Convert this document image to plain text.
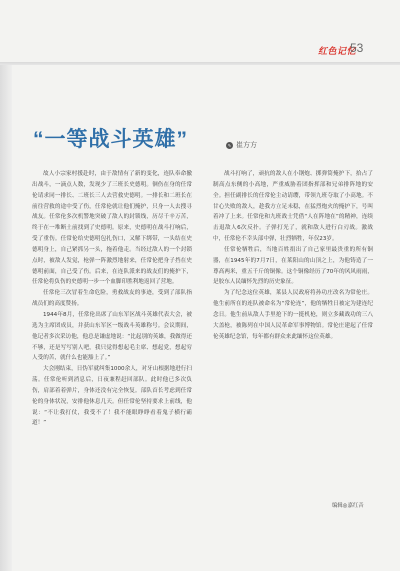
红色记忆
53
“一等战斗英雄”	✎ 崔方方

故人小宗家村援赴时，由于敌情有了新的变化，连队奉命撤出战斗，一滴点人数，发现少了三班长史德明。徊伤在身的任常伦请求同一排长、二班长三人去营救史德明。一排长和二班长在前往营救的途中受了伤，任常伦就让他们掩护，只身一人去搜寻战友。任常伦多次机警地突破了敌人的封锁线，历尽千辛万苦，终于在一堆断土前找到了史德明。原来，史德明在战斗打响后，受了重伤。任常伦给史德明包扎伤口，又解下绑带，一头结在史德明身上，自己紧抓另一头，拖着他走。当经过敌人的一个封锁点时，被敌人发觉，枪弹一阵激烈地射来，任常伦把身子挡在史德明前面，自己受了伤。后来，在连队派来的战友们的掩护下，任常伦将负伤的史德明一步一个血脚印胜利地返回了营地。

任常伦三次冒着生命危险，勇救战友的事迹，受到了部队指战员们的高度赞扬。

1944年8月，任常伦出席了山东军区战斗英雄代表大会，被选为主席团成员，并获山东军区一级战斗英雄称号。会议期间，他记者多次采访他，他总是谦虚地说：“比起别的英雄，我做得还不够，还是写写别人吧，我只觉得想起毛主席、想起党，想起穷人受的苦，就什么也能豁上了。”

大会刚结束，日伪军就纠集1000余人，对牙山根据地进行扫荡。任常伦听到消息后，日夜兼程赶回部队。此时他已多次负伤，肩部着着弹片，身体还没有完全恢复。部队首长考虑到任常伦的身体状况，安排他休息几天。但任常伦坚持要求上前线，他说：“不让我打仗，我受不了！我不能眼睁睁看着鬼子横行霸道！”

战斗打响了，顽抗的敌人在小钢炮、掷弹筒掩护下，拾占了制高点东侧的小高地，严重威胁着团指挥部和兄弟排阵地的安全。担任副排长的任常伦主动请缨，带领九班夺取了小高地。不甘心失败的敌人，趁我方立足未稳，在猛烈炮火的掩护下，号叫着冲了上来。任常伦和九班战士凭借“人在阵地在”的精神，连续击退敌人6次反扑。子弹打光了，就和敌人进行白刃战。激战中，任常伦不幸头部中弹，壮烈牺牲，年仅23岁。

任常伦牺牲后，当地百姓捐出了自己家里最贵重的所有铜器，在1945年的7月7日，在莱阳山的山顶之上，为他铸造了一尊高两米，重五千斤的铜像。这个铜像经历了70年的风风雨雨，是胶东人民缅怀先烈的历史象征。

为了纪念这位英雄，莱县人民政府将孙功庄改名为常伦庄。他生前所在的连队被命名为“常伦连”，他的牺牲日被定为建连纪念日。他生前从敌人手里抢下的一挺机枪，则立多藏战功的三八大盖枪，被陈列在中国人民革命军事博物馆。常伦庄建起了任常伦英雄纪念馆，每年都有群众来此缅怀这位英雄。

编辑◎嘉红音
